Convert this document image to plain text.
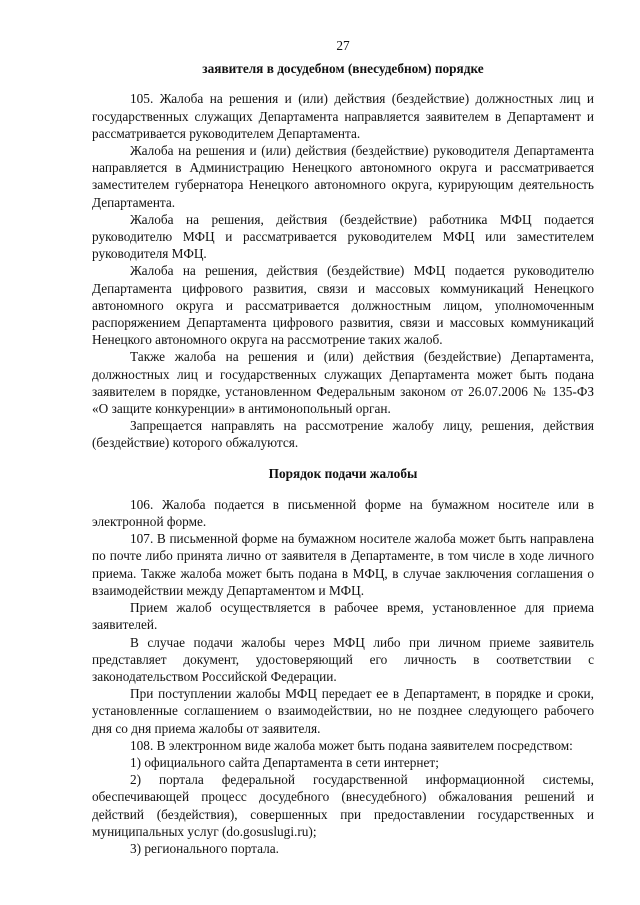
27
заявителя в досудебном (внесудебном) порядке

105. Жалоба на решения и (или) действия (бездействие) должностных лиц и государственных служащих Департамента направляется заявителем в Департамент и рассматривается руководителем Департамента.

Жалоба на решения и (или) действия (бездействие) руководителя Департамента направляется в Администрацию Ненецкого автономного округа и рассматривается заместителем губернатора Ненецкого автономного округа, курирующим деятельность Департамента.

Жалоба на решения, действия (бездействие) работника МФЦ подается руководителю МФЦ и рассматривается руководителем МФЦ или заместителем руководителя МФЦ.

Жалоба на решения, действия (бездействие) МФЦ подается руководителю Департамента цифрового развития, связи и массовых коммуникаций Ненецкого автономного округа и рассматривается должностным лицом, уполномоченным распоряжением Департамента цифрового развития, связи и массовых коммуникаций Ненецкого автономного округа на рассмотрение таких жалоб.

Также жалоба на решения и (или) действия (бездействие) Департамента, должностных лиц и государственных служащих Департамента может быть подана заявителем в порядке, установленном Федеральным законом от 26.07.2006 № 135-ФЗ «О защите конкуренции» в антимонопольный орган.

Запрещается направлять на рассмотрение жалобу лицу, решения, действия (бездействие) которого обжалуются.

Порядок подачи жалобы

106. Жалоба подается в письменной форме на бумажном носителе или в электронной форме.

107. В письменной форме на бумажном носителе жалоба может быть направлена по почте либо принята лично от заявителя в Департаменте, в том числе в ходе личного приема. Также жалоба может быть подана в МФЦ, в случае заключения соглашения о взаимодействии между Департаментом и МФЦ.

Прием жалоб осуществляется в рабочее время, установленное для приема заявителей.

В случае подачи жалобы через МФЦ либо при личном приеме заявитель представляет документ, удостоверяющий его личность в соответствии с законодательством Российской Федерации.

При поступлении жалобы МФЦ передает ее в Департамент, в порядке и сроки, установленные соглашением о взаимодействии, но не позднее следующего рабочего дня со дня приема жалобы от заявителя.

108. В электронном виде жалоба может быть подана заявителем посредством:

1) официального сайта Департамента в сети интернет;

2) портала федеральной государственной информационной системы, обеспечивающей процесс досудебного (внесудебного) обжалования решений и действий (бездействия), совершенных при предоставлении государственных и муниципальных услуг (do.gosuslugi.ru);

3) регионального портала.
